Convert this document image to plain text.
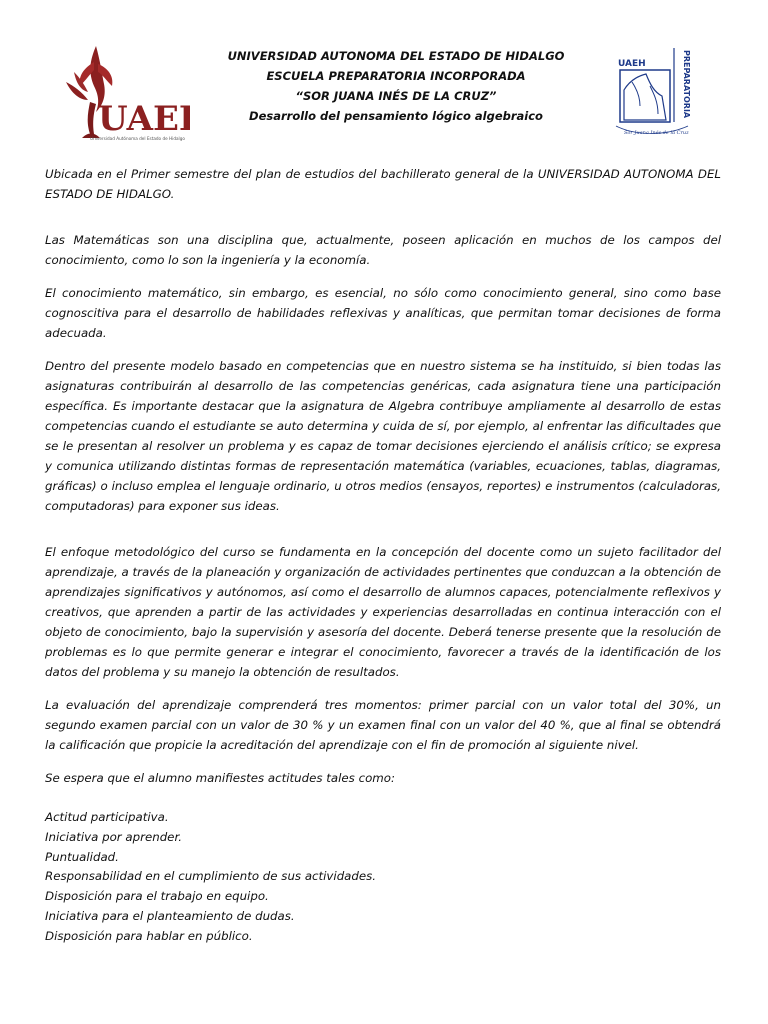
UAE
Universidad Autónoma del Estado de Hidalgo
UAEH	PREPARATORIA
Sor Juana Inés de la Cruz
UNIVERSIDAD AUTONOMA DEL ESTADO DE HIDALGO
ESCUELA PREPARATORIA INCORPORADA
“SOR JUANA INÉS DE LA CRUZ”
Desarrollo del pensamiento lógico algebraico

Ubicada en el Primer semestre del plan de estudios del bachillerato general de la UNIVERSIDAD AUTONOMA DEL ESTADO DE HIDALGO.

Las Matemáticas son una disciplina que, actualmente, poseen aplicación en muchos de los campos del conocimiento, como lo son la ingeniería y la economía.

El conocimiento matemático, sin embargo, es esencial, no sólo como conocimiento general, sino como base cognoscitiva para el desarrollo de habilidades reflexivas y analíticas, que permitan tomar decisiones de forma adecuada.

Dentro del presente modelo basado en competencias que en nuestro sistema se ha instituido, si bien todas las asignaturas contribuirán al desarrollo de las competencias genéricas, cada asignatura tiene una participación específica. Es importante destacar que la asignatura de Algebra contribuye ampliamente al desarrollo de estas competencias cuando el estudiante se auto determina y cuida de sí, por ejemplo, al enfrentar las dificultades que se le presentan al resolver un problema y es capaz de tomar decisiones ejerciendo el análisis crítico; se expresa y comunica utilizando distintas formas de representación matemática (variables, ecuaciones, tablas, diagramas, gráficas) o incluso emplea el lenguaje ordinario, u otros medios (ensayos, reportes) e instrumentos (calculadoras, computadoras) para exponer sus ideas.

El enfoque metodológico del curso se fundamenta en la concepción del docente como un sujeto facilitador del aprendizaje, a través de la planeación y organización de actividades pertinentes que conduzcan a la obtención de aprendizajes significativos y autónomos, así como el desarrollo de alumnos capaces, potencialmente reflexivos y creativos, que aprenden a partir de las actividades y experiencias desarrolladas en continua interacción con el objeto de conocimiento, bajo la supervisión y asesoría del docente. Deberá tenerse presente que la resolución de problemas es lo que permite generar e integrar el conocimiento, favorecer a través de la identificación de los datos del problema y su manejo la obtención de resultados.

La evaluación del aprendizaje comprenderá tres momentos: primer parcial con un valor total del 30%, un segundo examen parcial con un valor de 30 % y un examen final con un valor del 40 %, que al final se obtendrá la calificación que propicie la acreditación del aprendizaje con el fin de promoción al siguiente nivel.

Se espera que el alumno manifiestes actitudes tales como:

Actitud participativa.
Iniciativa por aprender.
Puntualidad.
Responsabilidad en el cumplimiento de sus actividades.
Disposición para el trabajo en equipo.
Iniciativa para el planteamiento de dudas.
Disposición para hablar en público.
